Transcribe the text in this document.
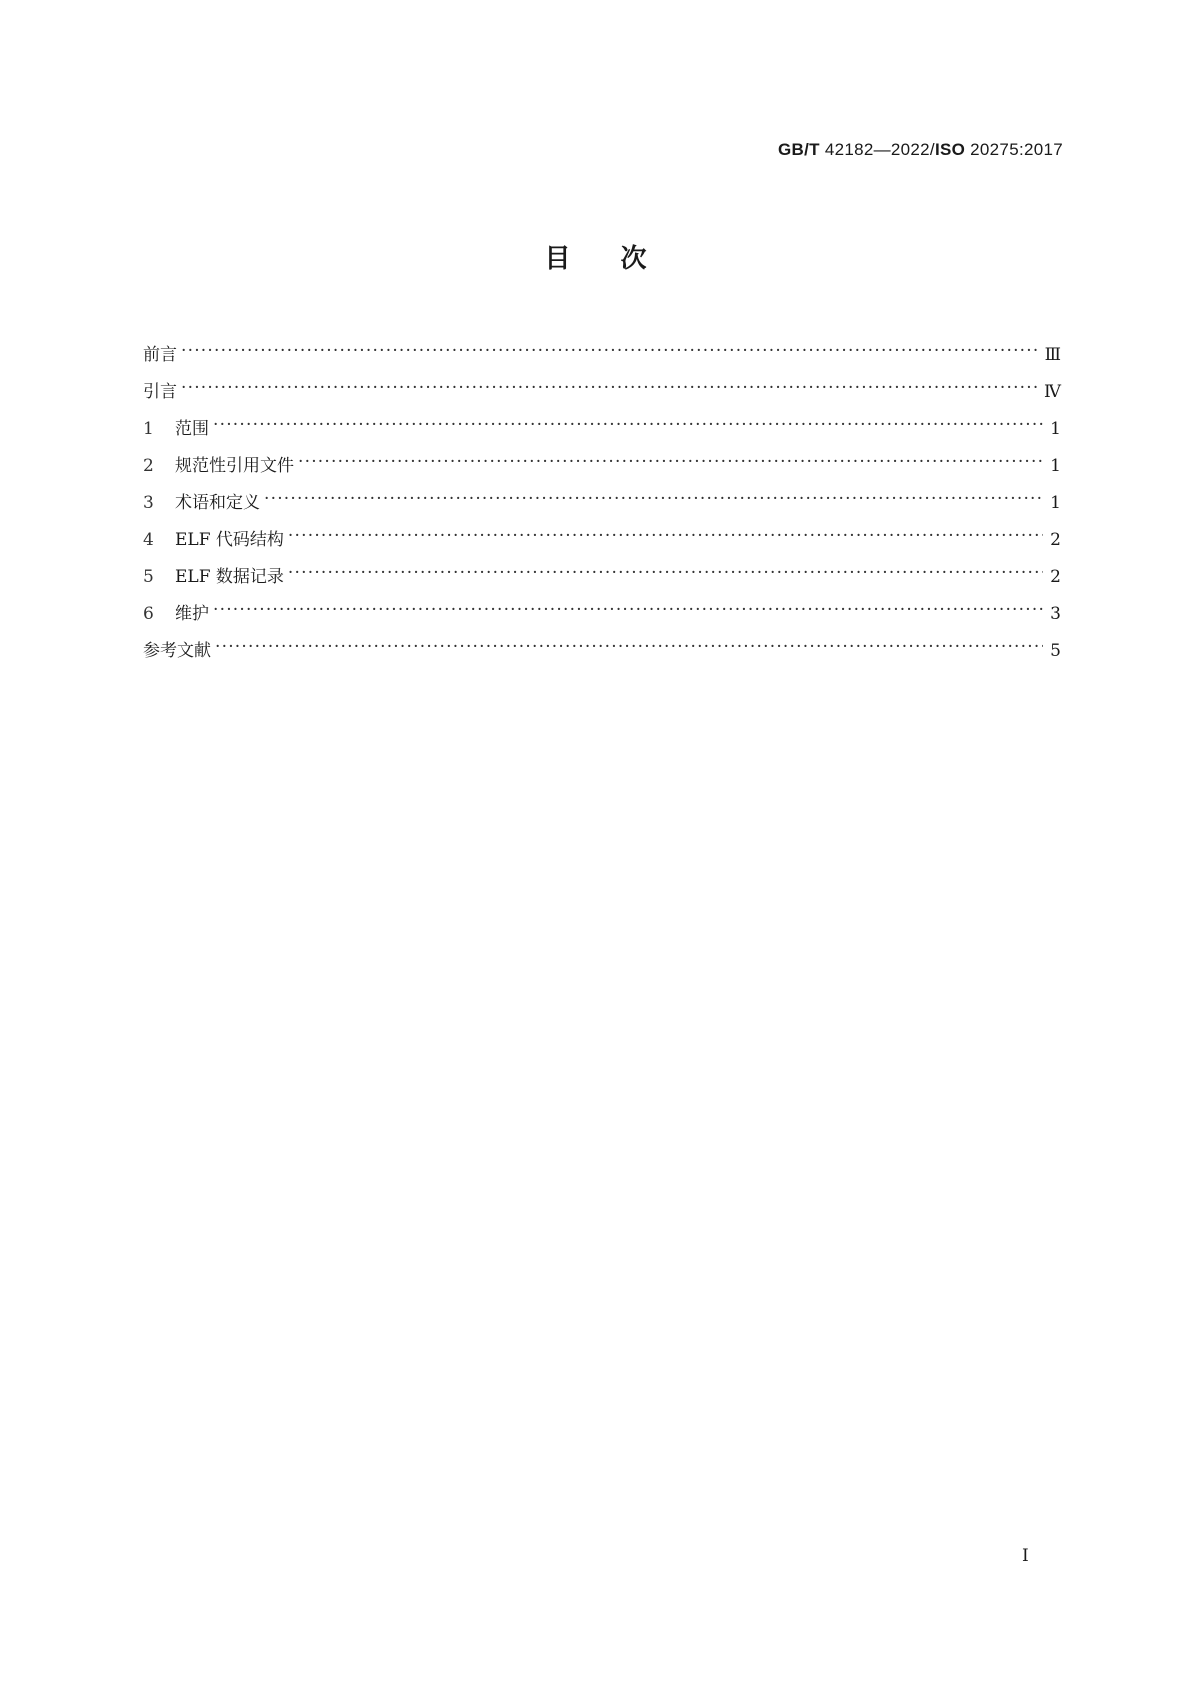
GB/T 42182—2022/ISO 20275:2017
目 次
前言 ·····	Ⅲ
引言 ·····	Ⅳ
1	范围 ·····	1
2	规范性引用文件 ·····	1
3	术语和定义 ·····	1
4	ELF 代码结构 ·····	2
5	ELF 数据记录 ·····	2
6	维护 ·····	3
参考文献 ·····	5
Ⅰ
